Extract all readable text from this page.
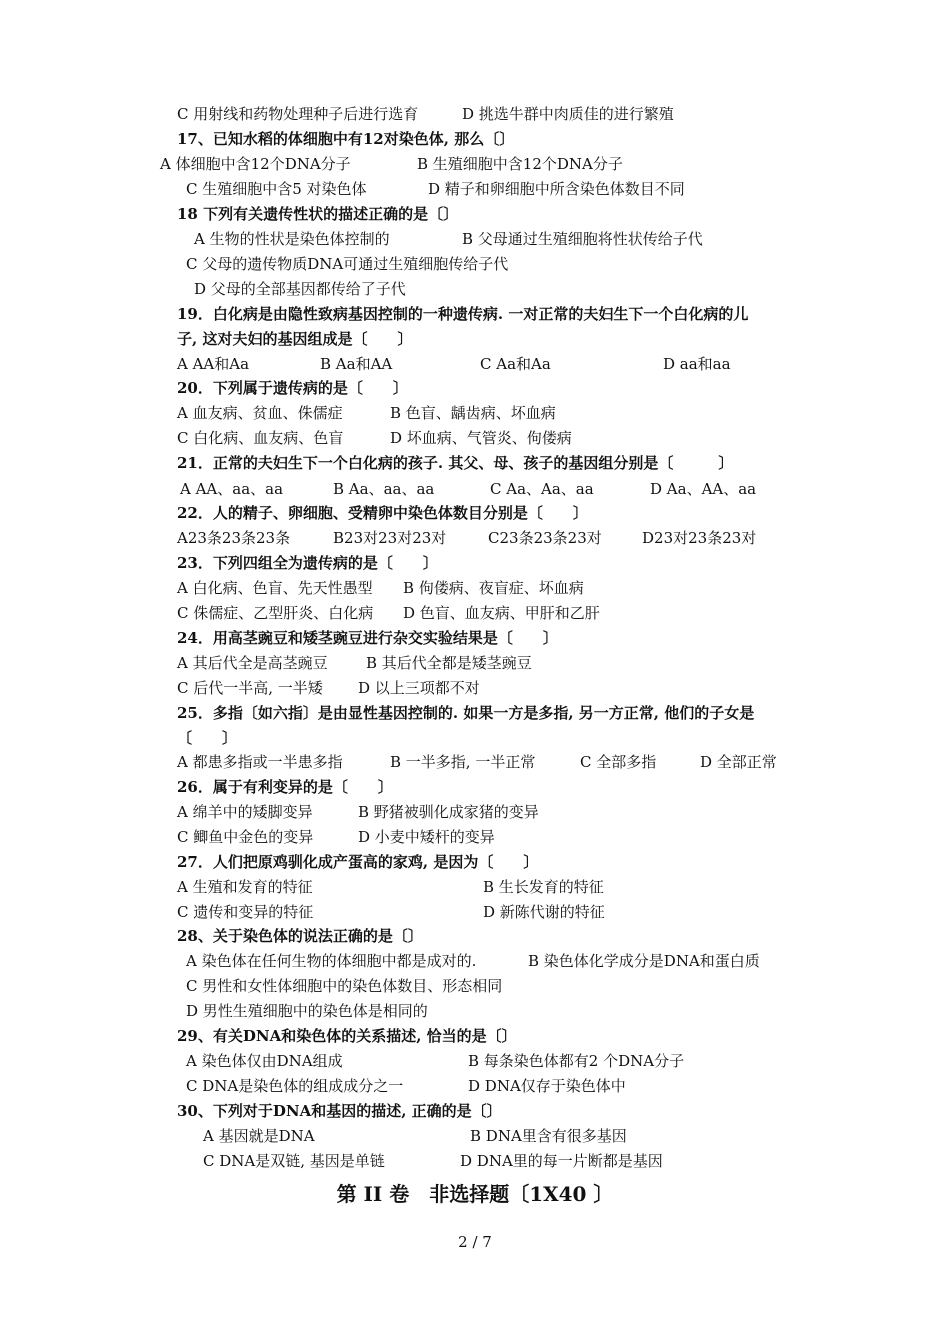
C 用射线和药物处理种子后进行选育	D 挑选牛群中肉质佳的进行繁殖
17、已知水稻的体细胞中有12对染色体, 那么〔〕
A 体细胞中含12个DNA分子	B 生殖细胞中含12个DNA分子
C 生殖细胞中含5 对染色体	D 精子和卵细胞中所含染色体数目不同
18 下列有关遗传性状的描述正确的是〔〕
A 生物的性状是染色体控制的	B 父母通过生殖细胞将性状传给子代
C 父母的遗传物质DNA可通过生殖细胞传给子代
D 父母的全部基因都传给了子代
19．白化病是由隐性致病基因控制的一种遗传病. 一对正常的夫妇生下一个白化病的儿
子, 这对夫妇的基因组成是〔　　〕
A AA和Aa	B Aa和AA	C Aa和Aa	D aa和aa
20．下列属于遗传病的是〔　　〕
A 血友病、贫血、侏儒症	B 色盲、龋齿病、坏血病
C 白化病、血友病、色盲	D 坏血病、气管炎、佝偻病
21．正常的夫妇生下一个白化病的孩子. 其父、母、孩子的基因组分别是〔　　　〕
A AA、aa、aa	B Aa、aa、aa	C Aa、Aa、aa	D Aa、AA、aa
22．人的精子、卵细胞、受精卵中染色体数目分别是〔　　〕
A23条23条23条	B23对23对23对	C23条23条23对	D23对23条23对
23．下列四组全为遗传病的是〔　　〕
A 白化病、色盲、先天性愚型 B 佝偻病、夜盲症、坏血病
C 侏儒症、乙型肝炎、白化病 D 色盲、血友病、甲肝和乙肝
24．用高茎豌豆和矮茎豌豆进行杂交实验结果是〔　　〕
A 其后代全是高茎豌豆	B 其后代全都是矮茎豌豆
C 后代一半高, 一半矮 D 以上三项都不对
25．多指〔如六指〕是由显性基因控制的. 如果一方是多指, 另一方正常, 他们的子女是
〔　　〕
A 都患多指或一半患多指	B 一半多指, 一半正常	C 全部多指	D 全部正常
26．属于有利变异的是〔　　〕
A 绵羊中的矮脚变异	B 野猪被驯化成家猪的变异
C 鲫鱼中金色的变异	D 小麦中矮杆的变异
27．人们把原鸡驯化成产蛋高的家鸡, 是因为〔　　〕
A 生殖和发育的特征	B 生长发育的特征
C 遗传和变异的特征	D 新陈代谢的特征
28、关于染色体的说法正确的是〔〕
A 染色体在任何生物的体细胞中都是成对的.	B 染色体化学成分是DNA和蛋白质
C 男性和女性体细胞中的染色体数目、形态相同
D 男性生殖细胞中的染色体是相同的
29、有关DNA和染色体的关系描述, 恰当的是〔〕
A 染色体仅由DNA组成	B 每条染色体都有2 个DNA分子
C DNA是染色体的组成成分之一	D DNA仅存于染色体中
30、下列对于DNA和基因的描述, 正确的是〔〕
A 基因就是DNA	B DNA里含有很多基因
C DNA是双链, 基因是单链	D DNA里的每一片断都是基因
第 II 卷　非选择题〔1X40 〕
2 / 7
